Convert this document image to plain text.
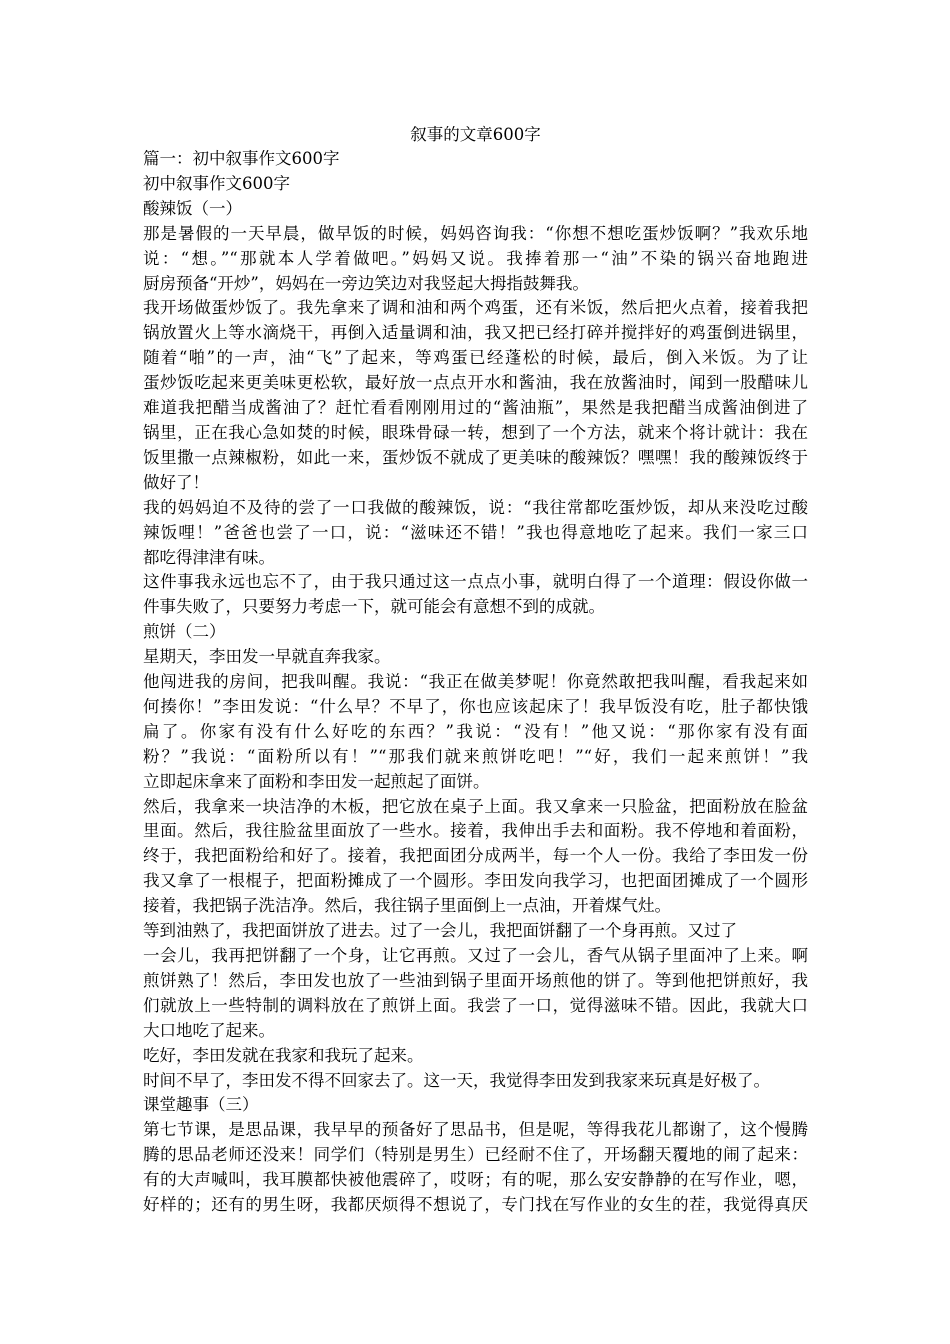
叙事的文章600字

篇一：初中叙事作文600字

初中叙事作文600字

酸辣饭（一）

那是暑假的一天早晨，做早饭的时候，妈妈咨询我：“你想不想吃蛋炒饭啊？”我欢乐地

说：“想。”“那就本人学着做吧。”妈妈又说。我捧着那一“油”不染的锅兴奋地跑进

厨房预备“开炒”，妈妈在一旁边笑边对我竖起大拇指鼓舞我。

我开场做蛋炒饭了。我先拿来了调和油和两个鸡蛋，还有米饭，然后把火点着，接着我把

锅放置火上等水滴烧干，再倒入适量调和油，我又把已经打碎并搅拌好的鸡蛋倒进锅里，

随着“啪”的一声，油“飞”了起来，等鸡蛋已经蓬松的时候，最后，倒入米饭。为了让

蛋炒饭吃起来更美味更松软，最好放一点点开水和酱油，我在放酱油时，闻到一股醋味儿

难道我把醋当成酱油了？赶忙看看刚刚用过的“酱油瓶”，果然是我把醋当成酱油倒进了

锅里，正在我心急如焚的时候，眼珠骨碌一转，想到了一个方法，就来个将计就计：我在

饭里撒一点辣椒粉，如此一来，蛋炒饭不就成了更美味的酸辣饭？嘿嘿！我的酸辣饭终于

做好了！

我的妈妈迫不及待的尝了一口我做的酸辣饭，说：“我往常都吃蛋炒饭，却从来没吃过酸

辣饭哩！”爸爸也尝了一口，说：“滋味还不错！”我也得意地吃了起来。我们一家三口

都吃得津津有味。

这件事我永远也忘不了，由于我只通过这一点点小事，就明白得了一个道理：假设你做一

件事失败了，只要努力考虑一下，就可能会有意想不到的成就。

煎饼（二）

星期天，李田发一早就直奔我家。

他闯进我的房间，把我叫醒。我说：“我正在做美梦呢！你竟然敢把我叫醒，看我起来如

何揍你！”李田发说：“什么早？不早了，你也应该起床了！我早饭没有吃，肚子都快饿

扁了。你家有没有什么好吃的东西？”我说：“没有！”他又说：“那你家有没有面

粉？”我说：“面粉所以有！”“那我们就来煎饼吃吧！”“好，我们一起来煎饼！”我

立即起床拿来了面粉和李田发一起煎起了面饼。

然后，我拿来一块洁净的木板，把它放在桌子上面。我又拿来一只脸盆，把面粉放在脸盆

里面。然后，我往脸盆里面放了一些水。接着，我伸出手去和面粉。我不停地和着面粉，

终于，我把面粉给和好了。接着，我把面团分成两半，每一个人一份。我给了李田发一份

我又拿了一根棍子，把面粉摊成了一个圆形。李田发向我学习，也把面团摊成了一个圆形

接着，我把锅子洗洁净。然后，我往锅子里面倒上一点油，开着煤气灶。

等到油熟了，我把面饼放了进去。过了一会儿，我把面饼翻了一个身再煎。又过了

一会儿，我再把饼翻了一个身，让它再煎。又过了一会儿，香气从锅子里面冲了上来。啊

煎饼熟了！然后，李田发也放了一些油到锅子里面开场煎他的饼了。等到他把饼煎好，我

们就放上一些特制的调料放在了煎饼上面。我尝了一口，觉得滋味不错。因此，我就大口

大口地吃了起来。

吃好，李田发就在我家和我玩了起来。

时间不早了，李田发不得不回家去了。这一天，我觉得李田发到我家来玩真是好极了。

课堂趣事（三）

第七节课，是思品课，我早早的预备好了思品书，但是呢，等得我花儿都谢了，这个慢腾

腾的思品老师还没来！同学们（特别是男生）已经耐不住了，开场翻天覆地的闹了起来：

有的大声喊叫，我耳膜都快被他震碎了，哎呀；有的呢，那么安安静静的在写作业，嗯，

好样的；还有的男生呀，我都厌烦得不想说了，专门找在写作业的女生的茬，我觉得真厌
